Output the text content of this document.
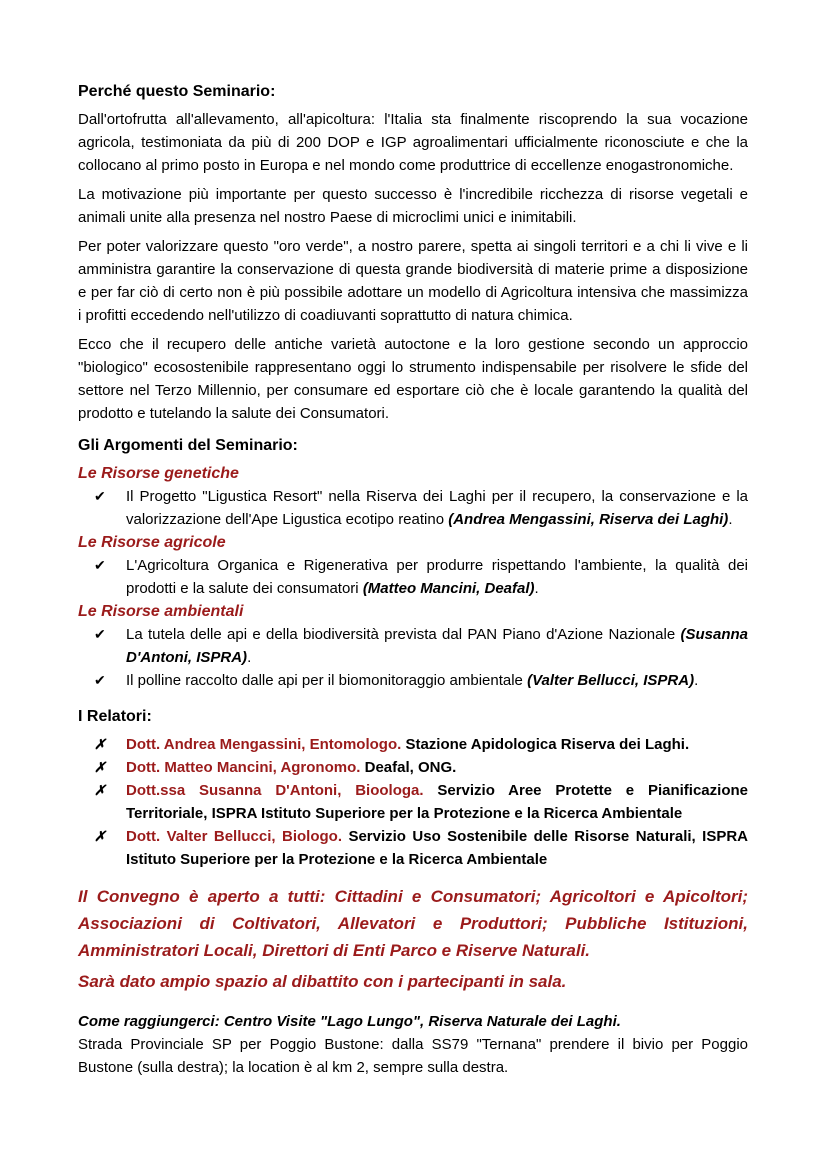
Perché questo Seminario:

Dall'ortofrutta all'allevamento, all'apicoltura: l'Italia sta finalmente riscoprendo la sua vocazione agricola, testimoniata da più di 200 DOP e IGP agroalimentari ufficialmente riconosciute e che la collocano al primo posto in Europa e nel mondo come produttrice di eccellenze enogastronomiche.

La motivazione più importante per questo successo è l'incredibile ricchezza di risorse vegetali e animali unite alla presenza nel nostro Paese di microclimi unici e inimitabili.

Per poter valorizzare questo "oro verde", a nostro parere, spetta ai singoli territori e a chi li vive e li amministra garantire la conservazione di questa grande biodiversità di materie prime a disposizione e per far ciò di certo non è più possibile adottare un modello di Agricoltura intensiva che massimizza i profitti eccedendo nell'utilizzo di coadiuvanti soprattutto di natura chimica.

Ecco che il recupero delle antiche varietà autoctone e la loro gestione secondo un approccio "biologico" ecosostenibile rappresentano oggi lo strumento indispensabile per risolvere le sfide del settore nel Terzo Millennio, per consumare ed esportare ciò che è locale garantendo la qualità del prodotto e tutelando la salute dei Consumatori.

Gli Argomenti del Seminario:
Le Risorse genetiche
✔ Il Progetto "Ligustica Resort" nella Riserva dei Laghi per il recupero, la conservazione e la valorizzazione dell'Ape Ligustica ecotipo reatino (Andrea Mengassini, Riserva dei Laghi).
Le Risorse agricole
✔ L'Agricoltura Organica e Rigenerativa per produrre rispettando l'ambiente, la qualità dei prodotti e la salute dei consumatori (Matteo Mancini, Deafal).
Le Risorse ambientali
✔ La tutela delle api e della biodiversità prevista dal PAN Piano d'Azione Nazionale (Susanna D'Antoni, ISPRA).
✔ Il polline raccolto dalle api per il biomonitoraggio ambientale (Valter Bellucci, ISPRA).
I Relatori:
✗ Dott. Andrea Mengassini, Entomologo. Stazione Apidologica Riserva dei Laghi.
✗ Dott. Matteo Mancini, Agronomo. Deafal, ONG.
✗ Dott.ssa Susanna D'Antoni, Bioologa. Servizio Aree Protette e Pianificazione Territoriale, ISPRA Istituto Superiore per la Protezione e la Ricerca Ambientale
✗ Dott. Valter Bellucci, Biologo. Servizio Uso Sostenibile delle Risorse Naturali, ISPRA Istituto Superiore per la Protezione e la Ricerca Ambientale

Il Convegno è aperto a tutti: Cittadini e Consumatori; Agricoltori e Apicoltori; Associazioni di Coltivatori, Allevatori e Produttori; Pubbliche Istituzioni, Amministratori Locali, Direttori di Enti Parco e Riserve Naturali.

Sarà dato ampio spazio al dibattito con i partecipanti in sala.

Come raggiungerci: Centro Visite "Lago Lungo", Riserva Naturale dei Laghi.

Strada Provinciale SP per Poggio Bustone: dalla SS79 "Ternana" prendere il bivio per Poggio Bustone (sulla destra); la location è al km 2, sempre sulla destra.
